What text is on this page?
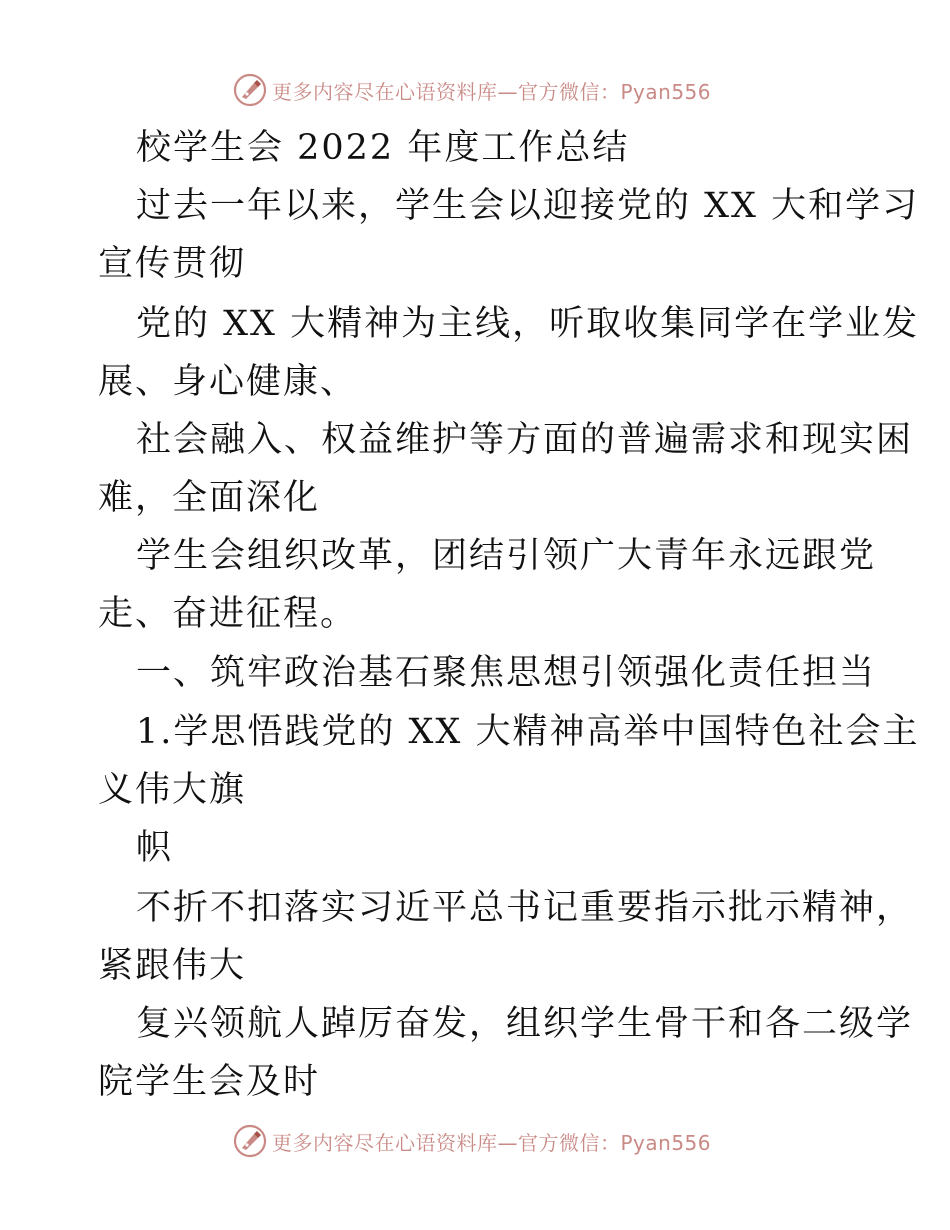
更多内容尽在心语资料库—官方微信：Pyan556
校学生会 2022 年度工作总结
过去一年以来，学生会以迎接党的 XX 大和学习
宣传贯彻
党的 XX 大精神为主线，听取收集同学在学业发
展、身心健康、
社会融入、权益维护等方面的普遍需求和现实困
难，全面深化
学生会组织改革，团结引领广大青年永远跟党
走、奋进征程。
一、筑牢政治基石聚焦思想引领强化责任担当
1.学思悟践党的 XX 大精神高举中国特色社会主
义伟大旗
帜
不折不扣落实习近平总书记重要指示批示精神，
紧跟伟大
复兴领航人踔厉奋发，组织学生骨干和各二级学
院学生会及时
更多内容尽在心语资料库—官方微信：Pyan556
